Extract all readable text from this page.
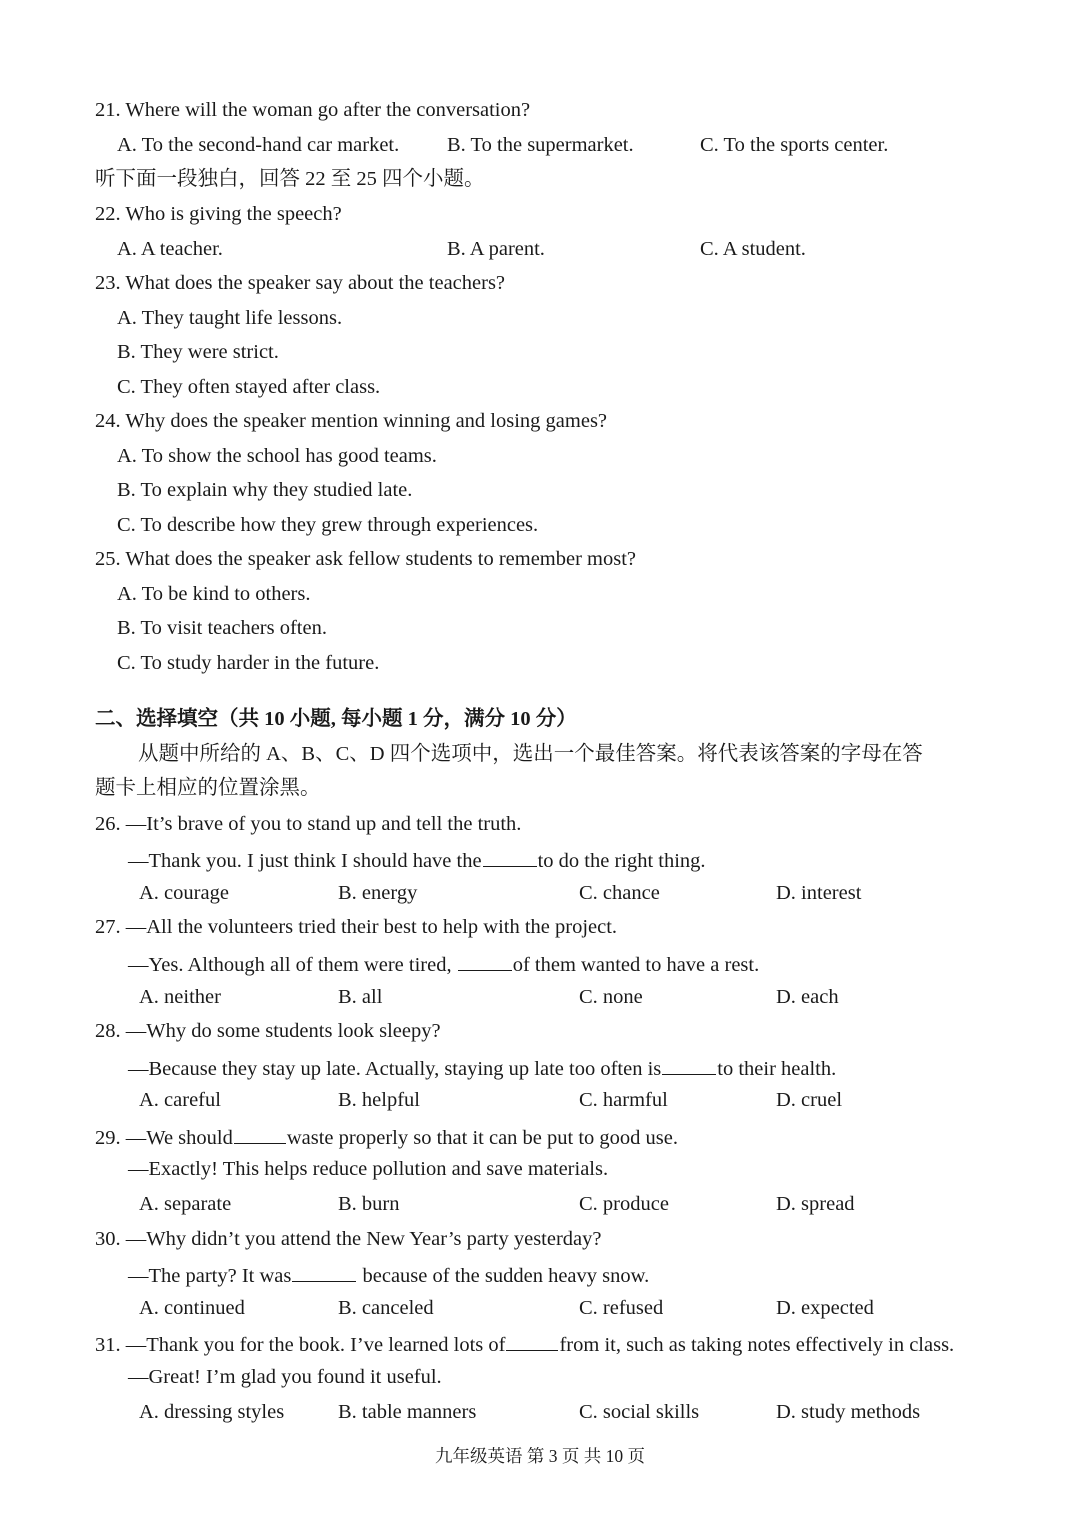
21. Where will the woman go after the conversation?
A. To the second-hand car market. B. To the supermarket.	C. To the sports center.
听下面一段独白，回答 22 至 25 四个小题。
22. Who is giving the speech?
A. A teacher.	B. A parent.	C. A student.
23. What does the speaker say about the teachers?
A. They taught life lessons.
B. They were strict.
C. They often stayed after class.
24. Why does the speaker mention winning and losing games?
A. To show the school has good teams.
B. To explain why they studied late.
C. To describe how they grew through experiences.
25. What does the speaker ask fellow students to remember most?
A. To be kind to others.
B. To visit teachers often.
C. To study harder in the future.
二、选择填空（共 10 小题, 每小题 1 分，满分 10 分）
从题中所给的 A、B、C、D 四个选项中，选出一个最佳答案。将代表该答案的字母在答
题卡上相应的位置涂黑。
26. —It’s brave of you to stand up and tell the truth.
—Thank you. I just think I should have the	to do the right thing.
A. courage	B. energy	C. chance	D. interest
27. —All the volunteers tried their best to help with the project.
—Yes. Although all of them were tired,	of them wanted to have a rest.
A. neither	B. all	C. none	D. each
28. —Why do some students look sleepy?
—Because they stay up late. Actually, staying up late too often is	to their health.
A. careful	B. helpful	C. harmful	D. cruel
29. —We should	waste properly so that it can be put to good use.
—Exactly! This helps reduce pollution and save materials.
A. separate	B. burn	C. produce	D. spread
30. —Why didn’t you attend the New Year’s party yesterday?
—The party? It was	because of the sudden heavy snow.
A. continued	B. canceled	C. refused	D. expected
31. —Thank you for the book. I’ve learned lots of	from it, such as taking notes effectively in class.
—Great! I’m glad you found it useful.
A. dressing styles	B. table manners	C. social skills	D. study methods
九年级英语 第 3 页 共 10 页
